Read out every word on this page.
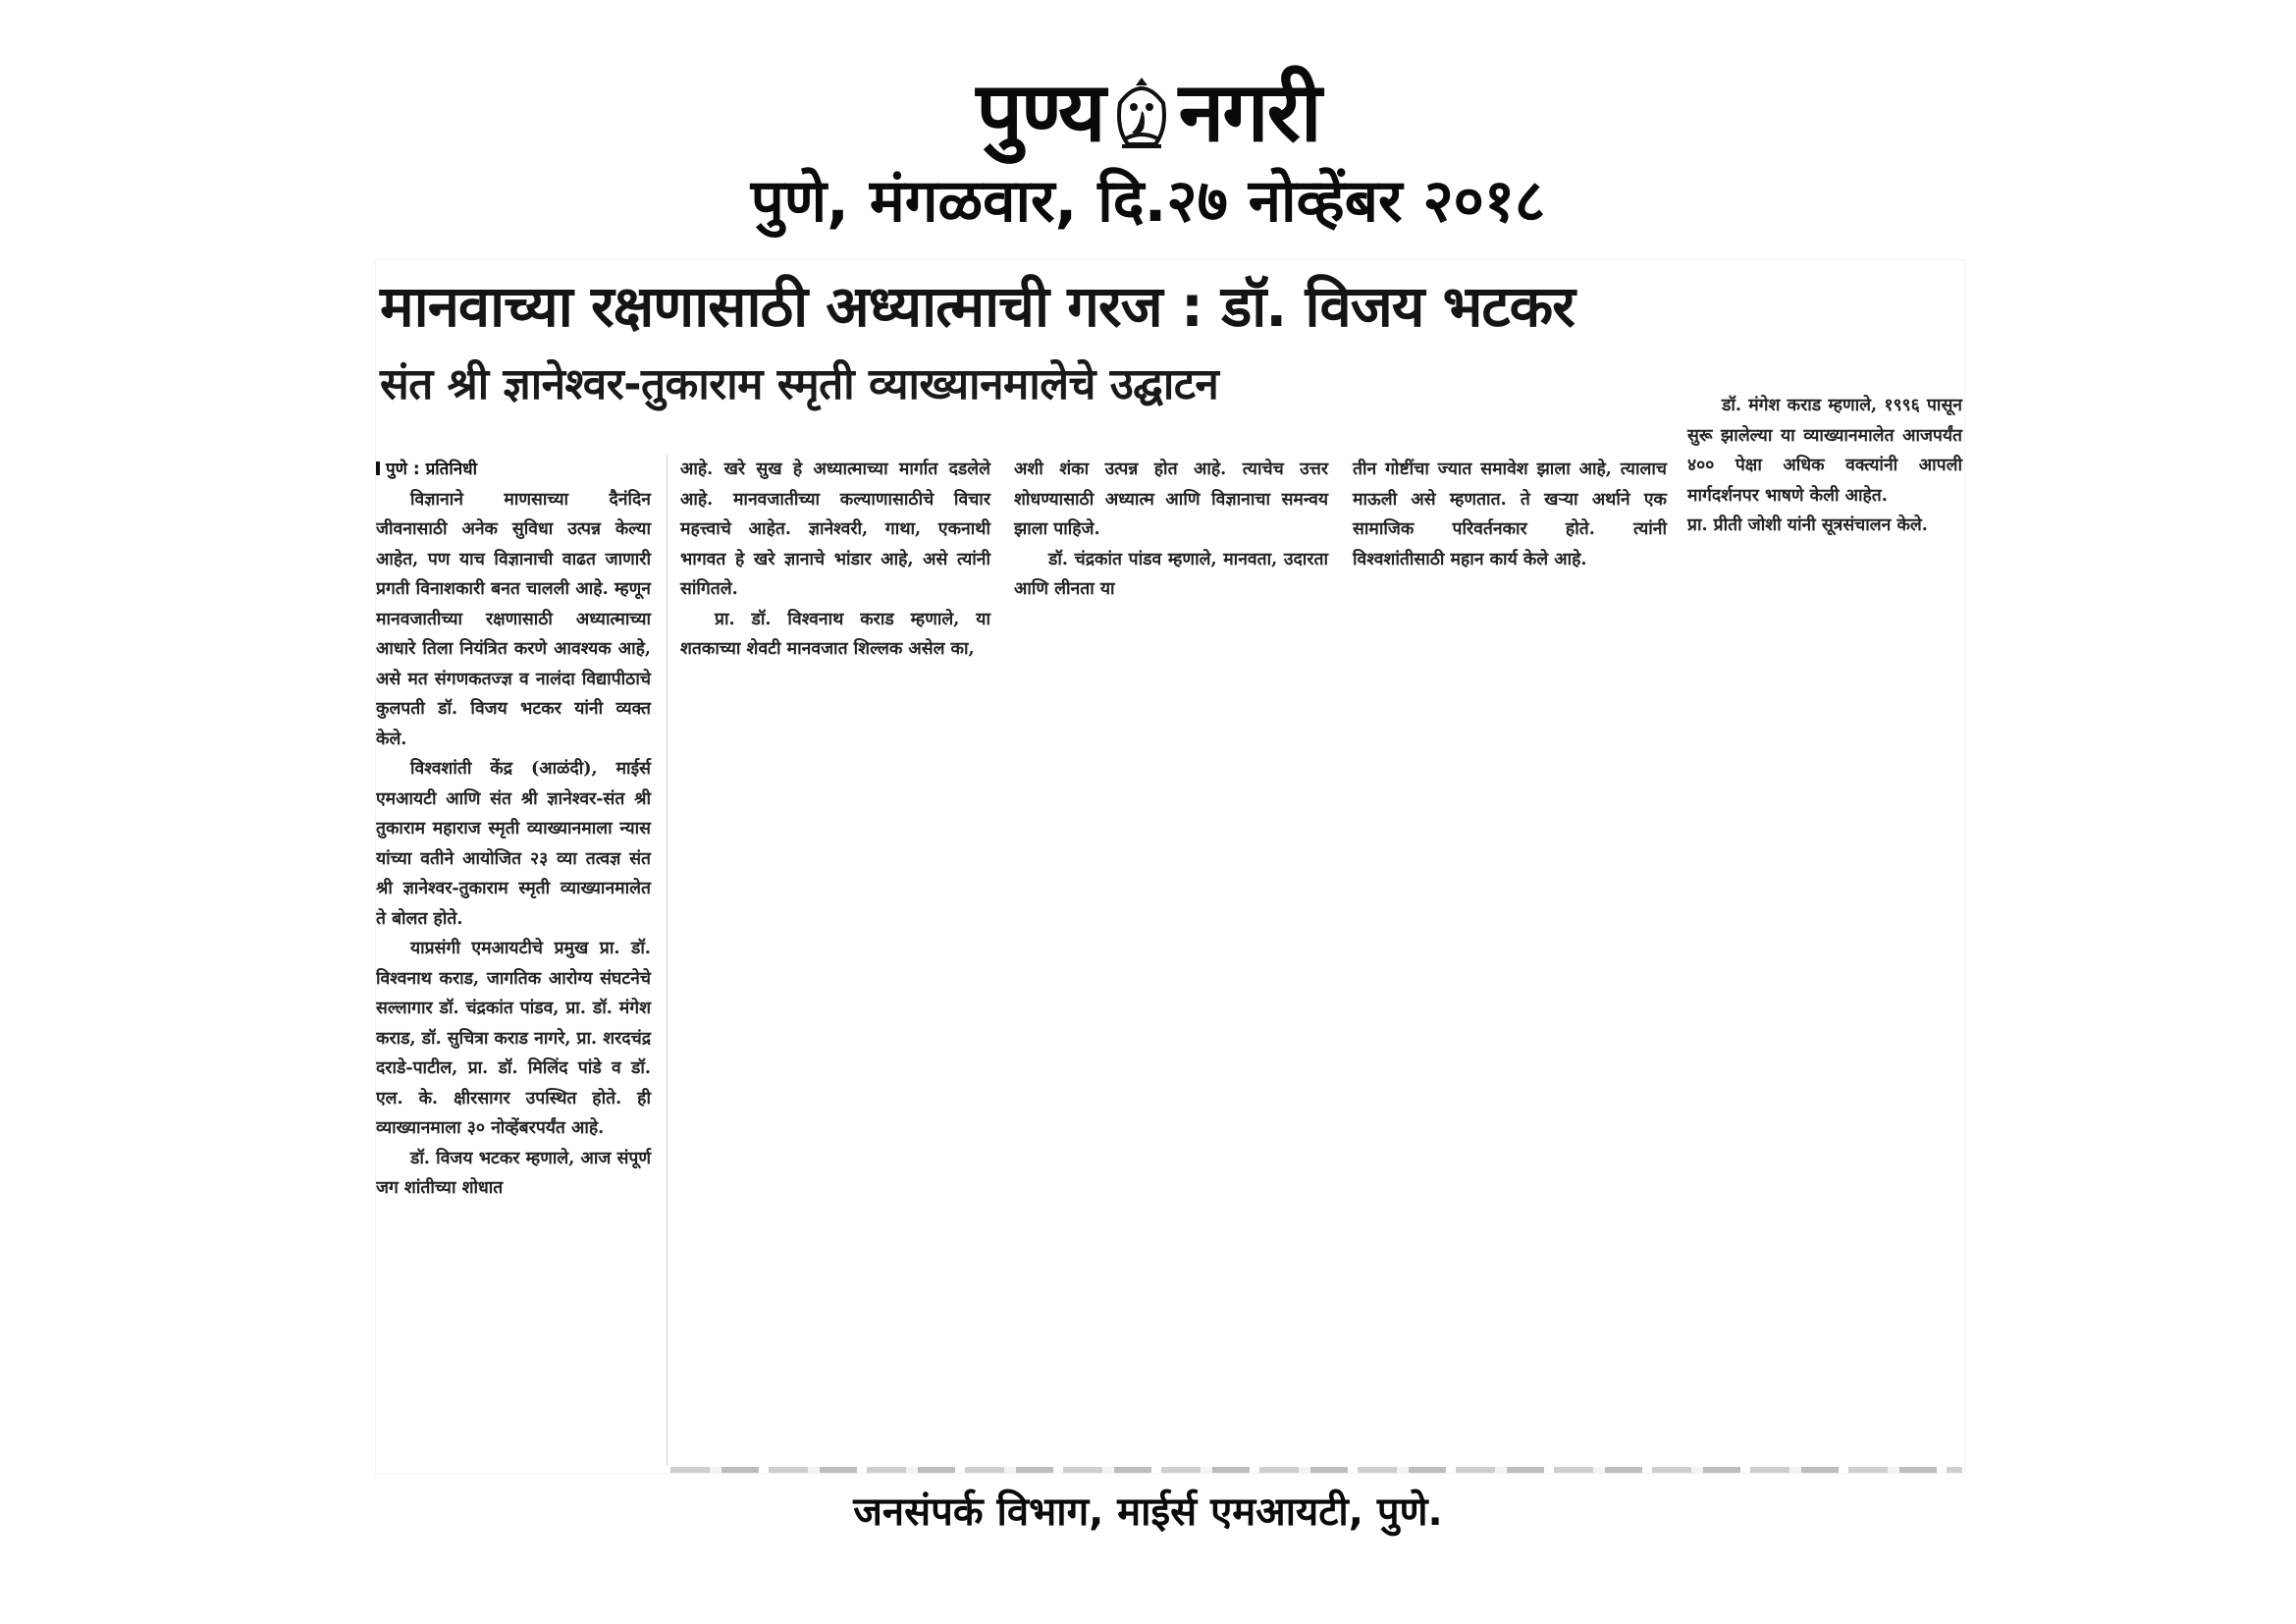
पुण्य नगरी
पुणे, मंगळवार, दि.२७ नोव्हेंबर २०१८
मानवाच्या रक्षणासाठी अध्यात्माची गरज : डॉ. विजय भटकर
संत श्री ज्ञानेश्वर-तुकाराम स्मृती व्याख्यानमालेचे उद्घाटन
पुणे : प्रतिनिधी

विज्ञानाने माणसाच्या दैनंदिन जीवनासाठी अनेक सुविधा उत्पन्न केल्या आहेत, पण याच विज्ञानाची वाढत जाणारी प्रगती विनाशकारी बनत चालली आहे. म्हणून मानवजातीच्या रक्षणासाठी अध्यात्माच्या आधारे तिला नियंत्रित करणे आवश्यक आहे, असे मत संगणकतज्ज्ञ व नालंदा विद्यापीठाचे कुलपती डॉ. विजय भटकर यांनी व्यक्त केले.

विश्वशांती केंद्र (आळंदी), माईर्स एमआयटी आणि संत श्री ज्ञानेश्वर-संत श्री तुकाराम महाराज स्मृती व्याख्यानमाला न्यास यांच्या वतीने आयोजित २३ व्या तत्वज्ञ संत श्री ज्ञानेश्वर-तुकाराम स्मृती व्याख्यानमालेत ते बोलत होते.

याप्रसंगी एमआयटीचे प्रमुख प्रा. डॉ. विश्वनाथ कराड, जागतिक आरोग्य संघटनेचे सल्लागार डॉ. चंद्रकांत पांडव, प्रा. डॉ. मंगेश कराड, डॉ. सुचित्रा कराड नागरे, प्रा. शरदचंद्र दराडे-पाटील, प्रा. डॉ. मिलिंद पांडे व डॉ. एल. के. क्षीरसागर उपस्थित होते. ही व्याख्यानमाला ३० नोव्हेंबरपर्यंत आहे.

डॉ. विजय भटकर म्हणाले, आज संपूर्ण जग शांतीच्या शोधात

आहे. खरे सुख हे अध्यात्माच्या मार्गात दडलेले आहे. मानवजातीच्या कल्याणासाठीचे विचार महत्त्वाचे आहेत. ज्ञानेश्वरी, गाथा, एकनाथी भागवत हे खरे ज्ञानाचे भांडार आहे, असे त्यांनी सांगितले.

प्रा. डॉ. विश्वनाथ कराड म्हणाले, या शतकाच्या शेवटी मानवजात शिल्लक असेल का,

अशी शंका उत्पन्न होत आहे. त्याचेच उत्तर शोधण्यासाठी अध्यात्म आणि विज्ञानाचा समन्वय झाला पाहिजे.

डॉ. चंद्रकांत पांडव म्हणाले, मानवता, उदारता आणि लीनता या

तीन गोष्टींचा ज्यात समावेश झाला आहे, त्यालाच माऊली असे म्हणतात. ते खऱ्या अर्थाने एक सामाजिक परिवर्तनकार होते. त्यांनी विश्वशांतीसाठी महान कार्य केले आहे.

डॉ. मंगेश कराड म्हणाले, १९९६ पासून सुरू झालेल्या या व्याख्यानमालेत आजपर्यंत ४०० पेक्षा अधिक वक्त्यांनी आपली मार्गदर्शनपर भाषणे केली आहेत.

प्रा. प्रीती जोशी यांनी सूत्रसंचालन केले.

जनसंपर्क विभाग, माईर्स एमआयटी, पुणे.
